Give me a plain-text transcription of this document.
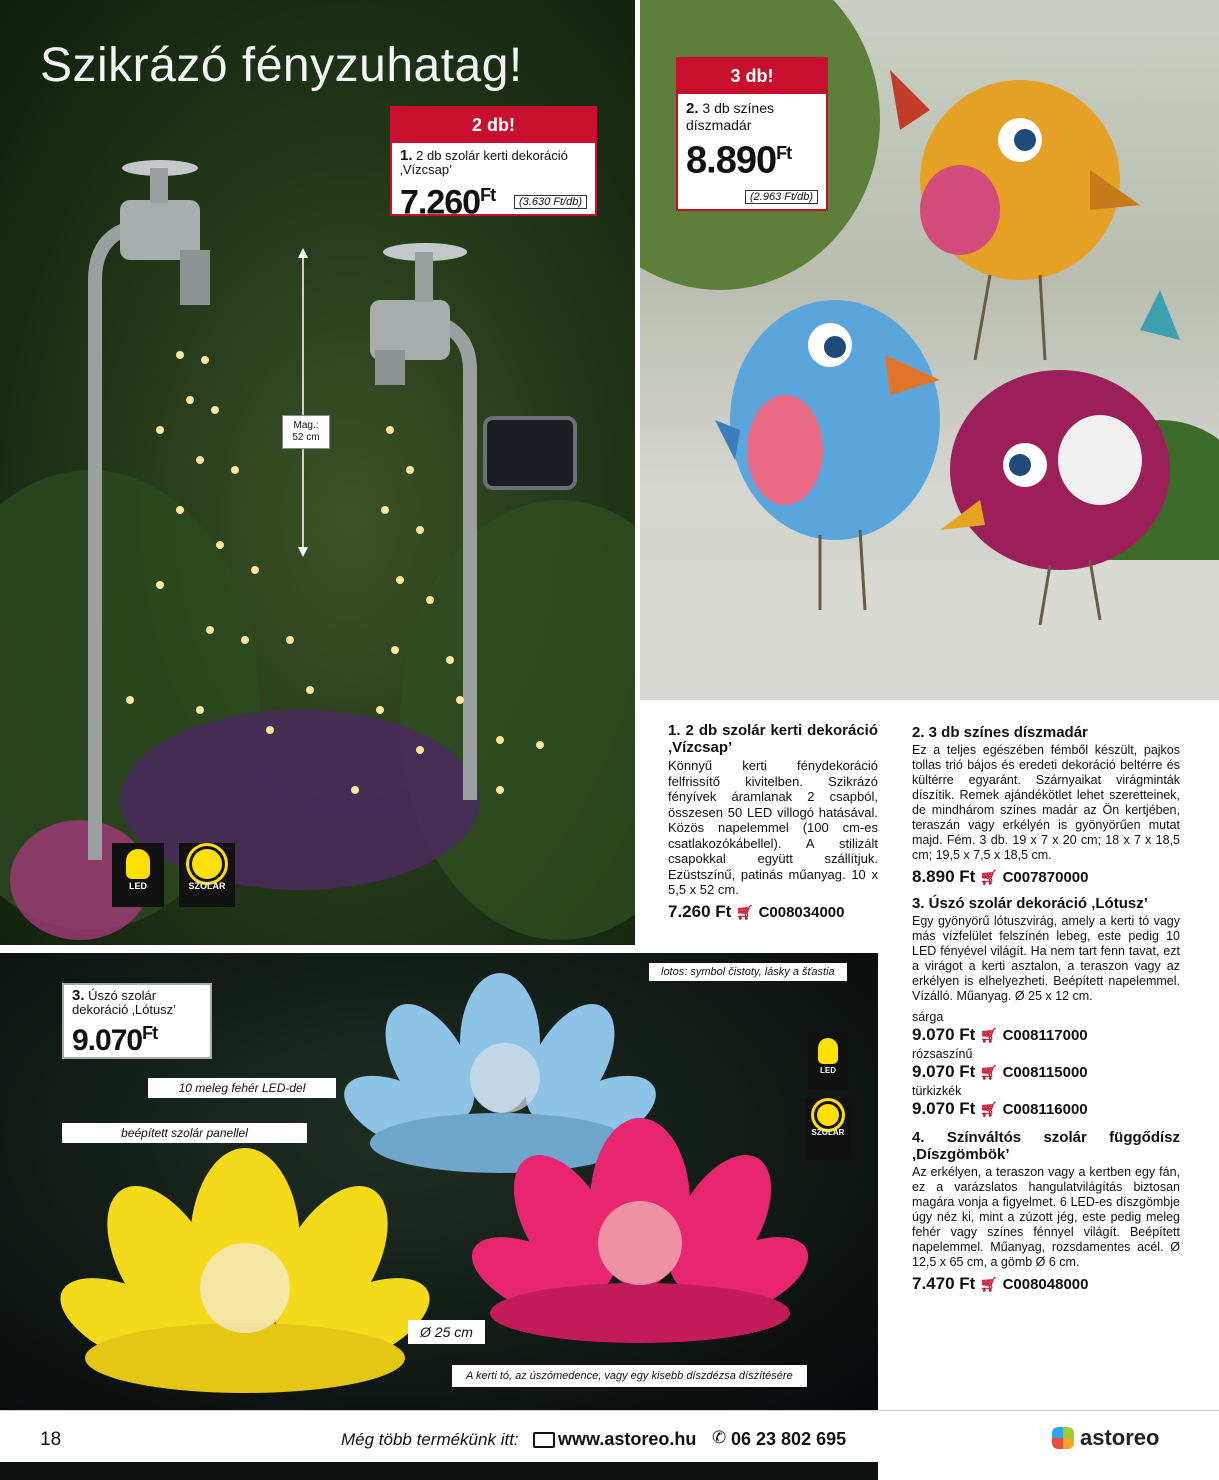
Szikrázó fényzuhatag!
Mag.: 52 cm
2 db!
1. 2 db szolár kerti dekoráció ‚Vízcsap’
$7.260^{Ft}$	(3.630 Ft/db)
LED	SZOLÁR
3 db!
2. 3 db színes díszmadár
$8.890^{Ft}$
(2.963 Ft/db)
3. Úszó szolár dekoráció ‚Lótusz’
$9.070^{Ft}$
lotos: symbol čistoty, lásky a šťastia
10 meleg fehér LED-del
beépített szolár panellel
Ø 25 cm
A kerti tó, az úszómedence, vagy egy kisebb díszdézsa díszítésére
LED
SZOLÁR
1. 2 db szolár kerti dekoráció ‚Vízcsap’

Könnyű kerti fénydekoráció felfrissítő kivitelben. Szikrázó fényívek áramlanak 2 csapból, összesen 50 LED villogó hatásával. Közös napelemmel (100 cm-es csatlakozókábellel). A stilizált csapokkal együtt szállítjuk. Ezüstszínű, patinás műanyag. 10 x 5,5 x 52 cm.

7.260 Ft 🛒︎ C008034000
2. 3 db színes díszmadár

Ez a teljes egészében fémből készült, pajkos tollas trió bájos és eredeti dekoráció beltérre és kültérre egyaránt. Szárnyaikat virágminták díszítik. Remek ajándékötlet lehet szeretteinek, de mindhárom színes madár az Ön kertjében, teraszán vagy erkélyén is gyönyörűen mutat majd. Fém. 3 db. 19 x 7 x 20 cm; 18 x 7 x 18,5 cm; 19,5 x 7,5 x 18,5 cm.

8.890 Ft 🛒︎ C007870000
3. Úszó szolár dekoráció ‚Lótusz’

Egy gyönyörű lótuszvirág, amely a kerti tó vagy más vízfelület felszínén lebeg, este pedig 10 LED fényével világít. Ha nem tart fenn tavat, ezt a virágot a kerti asztalon, a teraszon vagy az erkélyen is elhelyezheti. Beépített napelemmel. Vízálló. Műanyag. Ø 25 x 12 cm.

sárga
9.070 Ft 🛒︎ C008117000
rózsaszínű
9.070 Ft 🛒︎ C008115000
türkizkék
9.070 Ft 🛒︎ C008116000
4. Színváltós szolár függődísz ‚Díszgömbök’

Az erkélyen, a teraszon vagy a kertben egy fán, ez a varázslatos hangulatvilágítás biztosan magára vonja a figyelmet. 6 LED-es díszgömbje úgy néz ki, mint a zúzott jég, este pedig meleg fehér vagy színes fénnyel világít. Beépített napelemmel. Műanyag, rozsdamentes acél. Ø 12,5 x 65 cm, a gömb Ø 6 cm.

7.470 Ft 🛒︎ C008048000
18	Még több termékünk itt: www.astoreo.hu ✆ 06 23 802 695	astoreo
